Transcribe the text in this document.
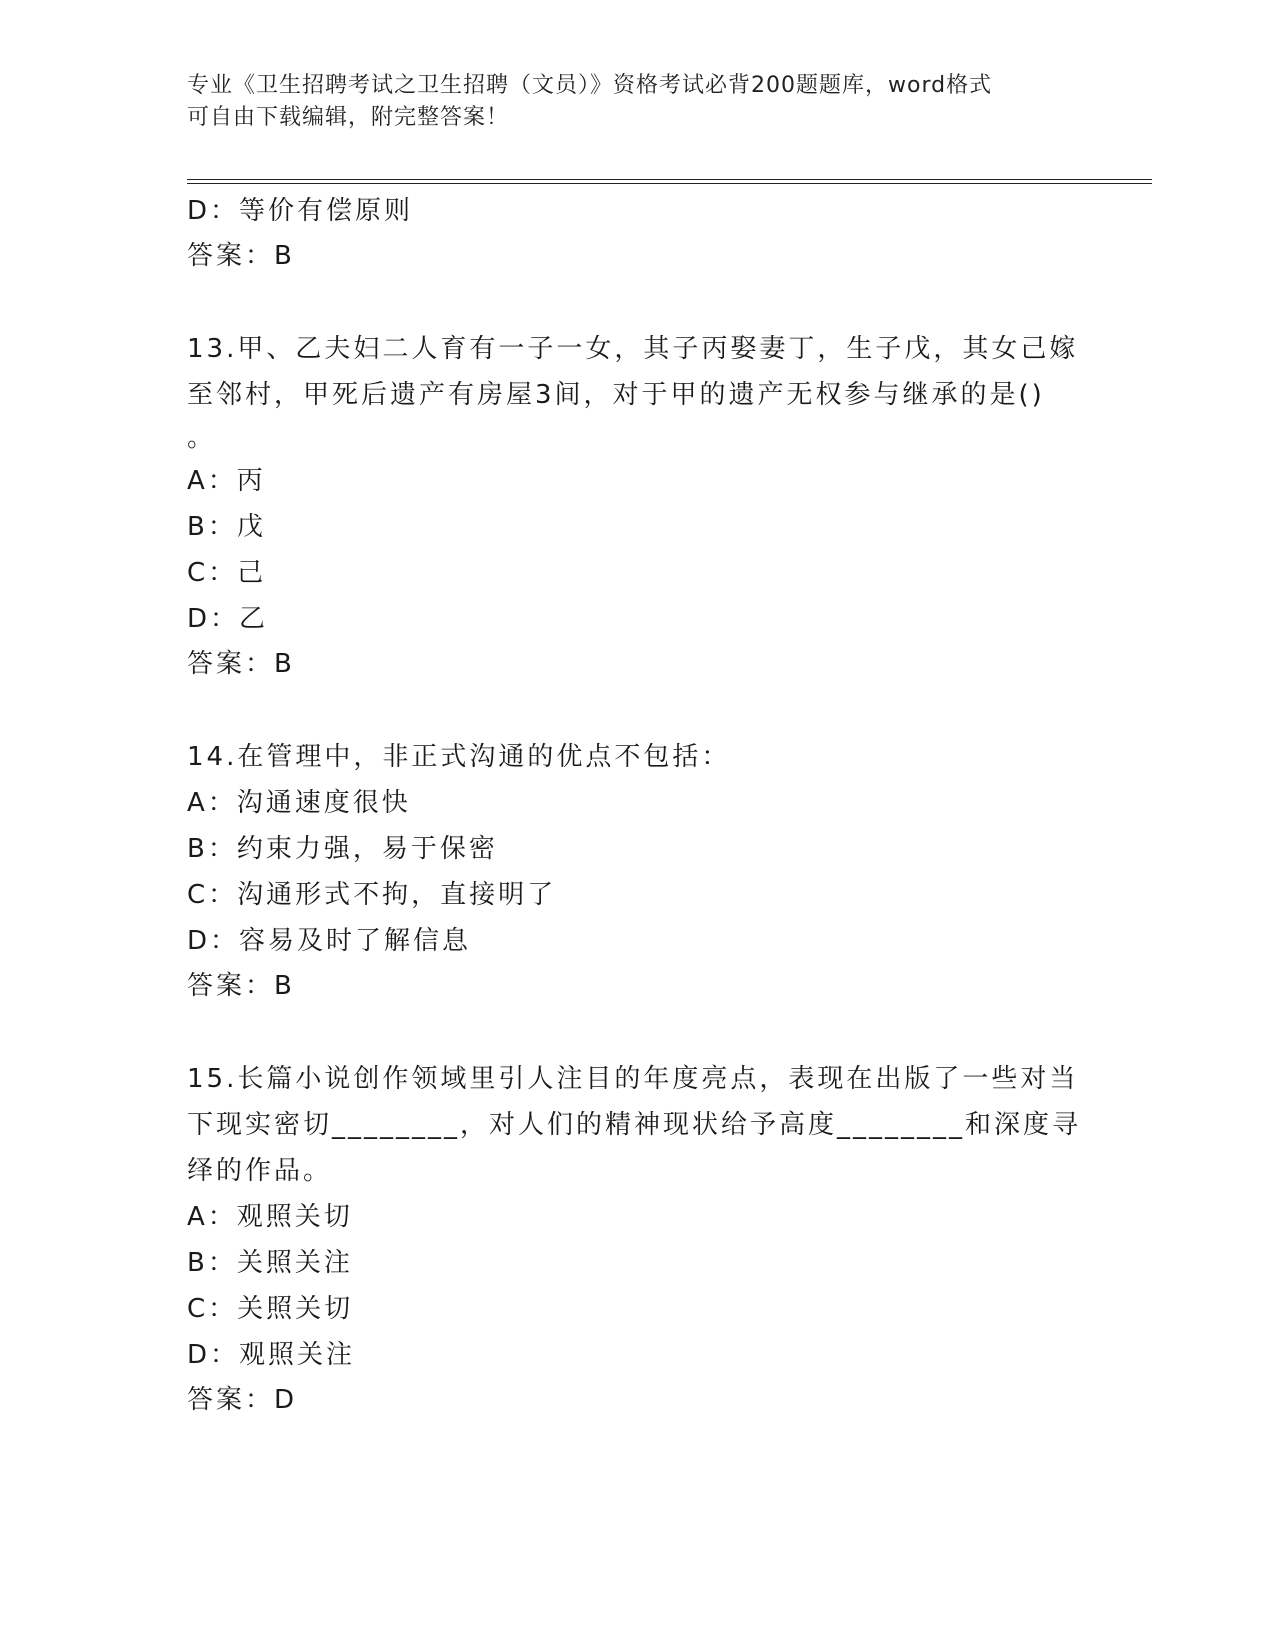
专业《卫生招聘考试之卫生招聘（文员）》资格考试必背200题题库，word格式
可自由下载编辑，附完整答案！
D：等价有偿原则
答案：B
13.甲、乙夫妇二人育有一子一女，其子丙娶妻丁，生子戊，其女己嫁
至邻村，甲死后遗产有房屋3间，对于甲的遗产无权参与继承的是()
。
A：丙
B：戊
C：己
D：乙
答案：B
14.在管理中，非正式沟通的优点不包括：
A：沟通速度很快
B：约束力强，易于保密
C：沟通形式不拘，直接明了
D：容易及时了解信息
答案：B
15.长篇小说创作领域里引人注目的年度亮点，表现在出版了一些对当
下现实密切________，对人们的精神现状给予高度________和深度寻
绎的作品。
A：观照关切
B：关照关注
C：关照关切
D：观照关注
答案：D
